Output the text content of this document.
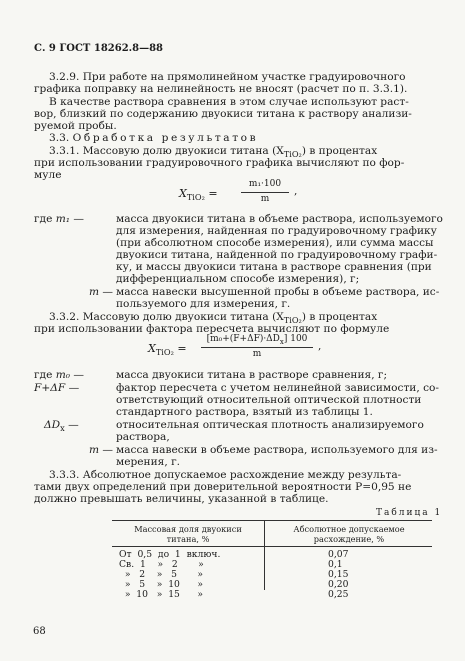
С. 9 ГОСТ 18262.8—88
3.2.9. При работе на прямолинейном участке градуировочного
графика поправку на нелинейность не вносят (расчет по п. 3.3.1).
В качестве раствора сравнения в этом случае используют раст-
вор, близкий по содержанию двуокиси титана к раствору анализи-
руемой пробы.
3.3. Обработка результатов
3.3.1. Массовую долю двуокиси титана $(X_{TiO_2})$ в процентах
при использовании градуировочного графика вычисляют по фор-
муле
$X_{TiO_2}$ =
m₁·100
m
,
где m₁ —	масса двуокиси титана в объеме раствора, используемого
для измерения, найденная по градуировочному графику
(при абсолютном способе измерения), или сумма массы
двуокиси титана, найденной по градуировочному графи-
ку, и массы двуокиси титана в растворе сравнения (при
дифференциальном способе измерения), г;
m — масса навески высушенной пробы в объеме раствора, ис-
пользуемого для измерения, г.
3.3.2. Массовую долю двуокиси титана $(X_{TiO_2})$ в процентах
при использовании фактора пересчета вычисляют по формуле
$X_{TiO_2}$ =
$[m_0+(F+\Delta F)\cdot\Delta D_x]$ 100
m
,
где m₀ —	масса двуокиси титана в растворе сравнения, г;
F+ΔF —	фактор пересчета с учетом нелинейной зависимости, со-
ответствующий относительной оптической плотности
стандартного раствора, взятый из таблицы 1.
$\Delta D_x$ —	относительная оптическая плотность анализируемого
раствора,
m — масса навески в объеме раствора, используемого для из-
мерения, г.
3.3.3. Абсолютное допускаемое расхождение между результа-
тами двух определений при доверительной вероятности P=0,95 не
должно превышать величины, указанной в таблице.
Таблица 1
Массовая доля двуокиси
титана, %
Абсолютное допускаемое
расхождение, %
От  0,5  до  1  включ.	0,07
Св.  1    »   2       »	0,1
»   2    »   5       »	0,15
»   5    »  10      »	0,20
»  10   »  15      »	0,25
68
